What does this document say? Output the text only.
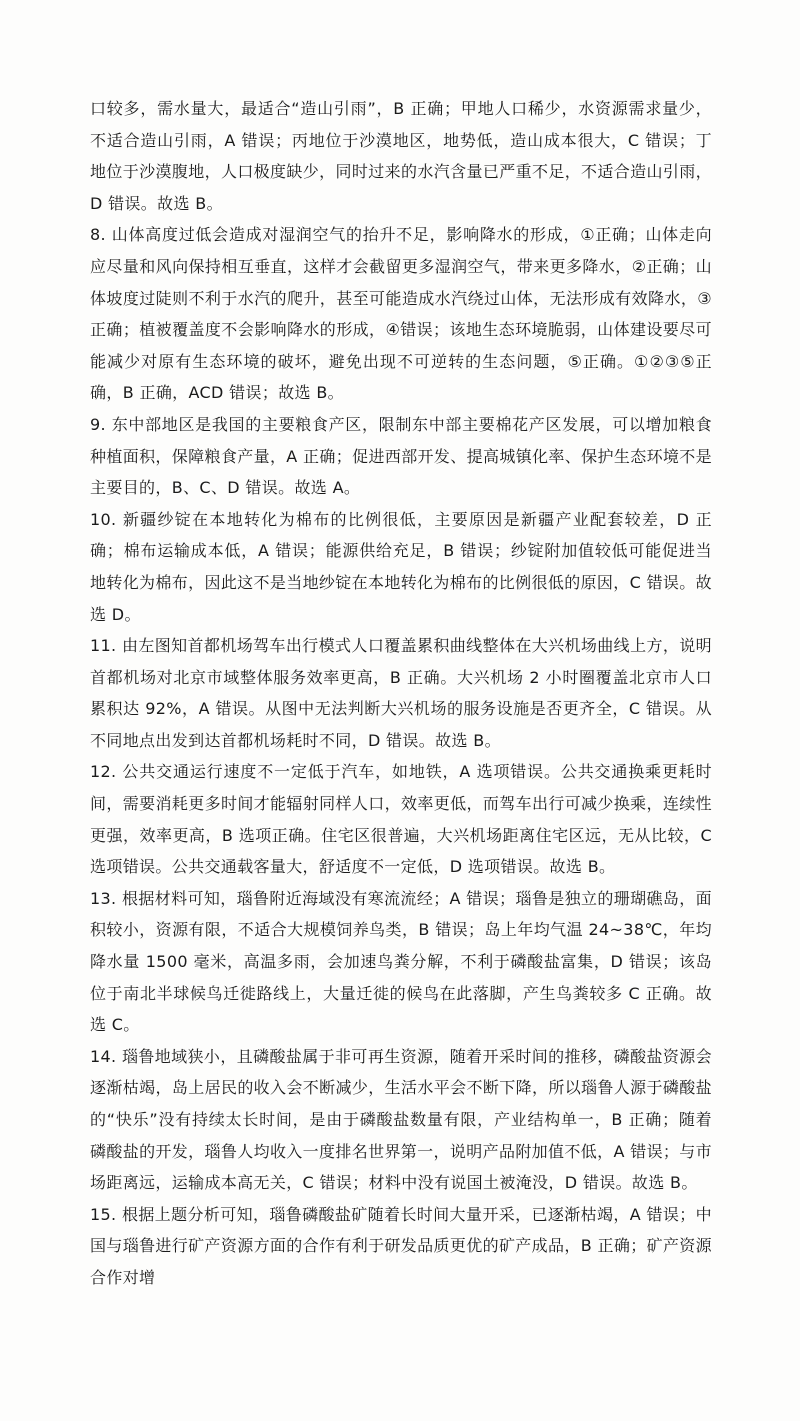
口较多，需水量大，最适合“造山引雨”，B 正确；甲地人口稀少，水资源需求量少，不适合造山引雨，A 错误；丙地位于沙漠地区，地势低，造山成本很大，C 错误；丁地位于沙漠腹地，人口极度缺少，同时过来的水汽含量已严重不足，不适合造山引雨，D 错误。故选 B。

8. 山体高度过低会造成对湿润空气的抬升不足，影响降水的形成，①正确；山体走向应尽量和风向保持相互垂直，这样才会截留更多湿润空气，带来更多降水，②正确；山体坡度过陡则不利于水汽的爬升，甚至可能造成水汽绕过山体，无法形成有效降水，③正确；植被覆盖度不会影响降水的形成，④错误；该地生态环境脆弱，山体建设要尽可能减少对原有生态环境的破坏，避免出现不可逆转的生态问题，⑤正确。①②③⑤正确，B 正确，ACD 错误；故选 B。

9. 东中部地区是我国的主要粮食产区，限制东中部主要棉花产区发展，可以增加粮食种植面积，保障粮食产量，A 正确；促进西部开发、提高城镇化率、保护生态环境不是主要目的，B、C、D 错误。故选 A。

10. 新疆纱锭在本地转化为棉布的比例很低，主要原因是新疆产业配套较差，D 正确；棉布运输成本低，A 错误；能源供给充足，B 错误；纱锭附加值较低可能促进当地转化为棉布，因此这不是当地纱锭在本地转化为棉布的比例很低的原因，C 错误。故选 D。

11. 由左图知首都机场驾车出行模式人口覆盖累积曲线整体在大兴机场曲线上方，说明首都机场对北京市域整体服务效率更高，B 正确。大兴机场 2 小时圈覆盖北京市人口累积达 92%，A 错误。从图中无法判断大兴机场的服务设施是否更齐全，C 错误。从不同地点出发到达首都机场耗时不同，D 错误。故选 B。

12. 公共交通运行速度不一定低于汽车，如地铁，A 选项错误。公共交通换乘更耗时间，需要消耗更多时间才能辐射同样人口，效率更低，而驾车出行可减少换乘，连续性更强，效率更高，B 选项正确。住宅区很普遍，大兴机场距离住宅区远，无从比较，C 选项错误。公共交通载客量大，舒适度不一定低，D 选项错误。故选 B。

13. 根据材料可知，瑙鲁附近海域没有寒流流经；A 错误；瑙鲁是独立的珊瑚礁岛，面积较小，资源有限，不适合大规模饲养鸟类，B 错误；岛上年均气温 24~38℃，年均降水量 1500 毫米，高温多雨，会加速鸟粪分解，不利于磷酸盐富集，D 错误；该岛位于南北半球候鸟迁徙路线上，大量迁徙的候鸟在此落脚，产生鸟粪较多 C 正确。故选 C。

14. 瑙鲁地域狭小，且磷酸盐属于非可再生资源，随着开采时间的推移，磷酸盐资源会逐渐枯竭，岛上居民的收入会不断减少，生活水平会不断下降，所以瑙鲁人源于磷酸盐的“快乐”没有持续太长时间，是由于磷酸盐数量有限，产业结构单一，B 正确；随着磷酸盐的开发，瑙鲁人均收入一度排名世界第一，说明产品附加值不低，A 错误；与市场距离远，运输成本高无关，C 错误；材料中没有说国土被淹没，D 错误。故选 B。

15. 根据上题分析可知，瑙鲁磷酸盐矿随着长时间大量开采，已逐渐枯竭，A 错误；中国与瑙鲁进行矿产资源方面的合作有利于研发品质更优的矿产成品，B 正确；矿产资源合作对增
